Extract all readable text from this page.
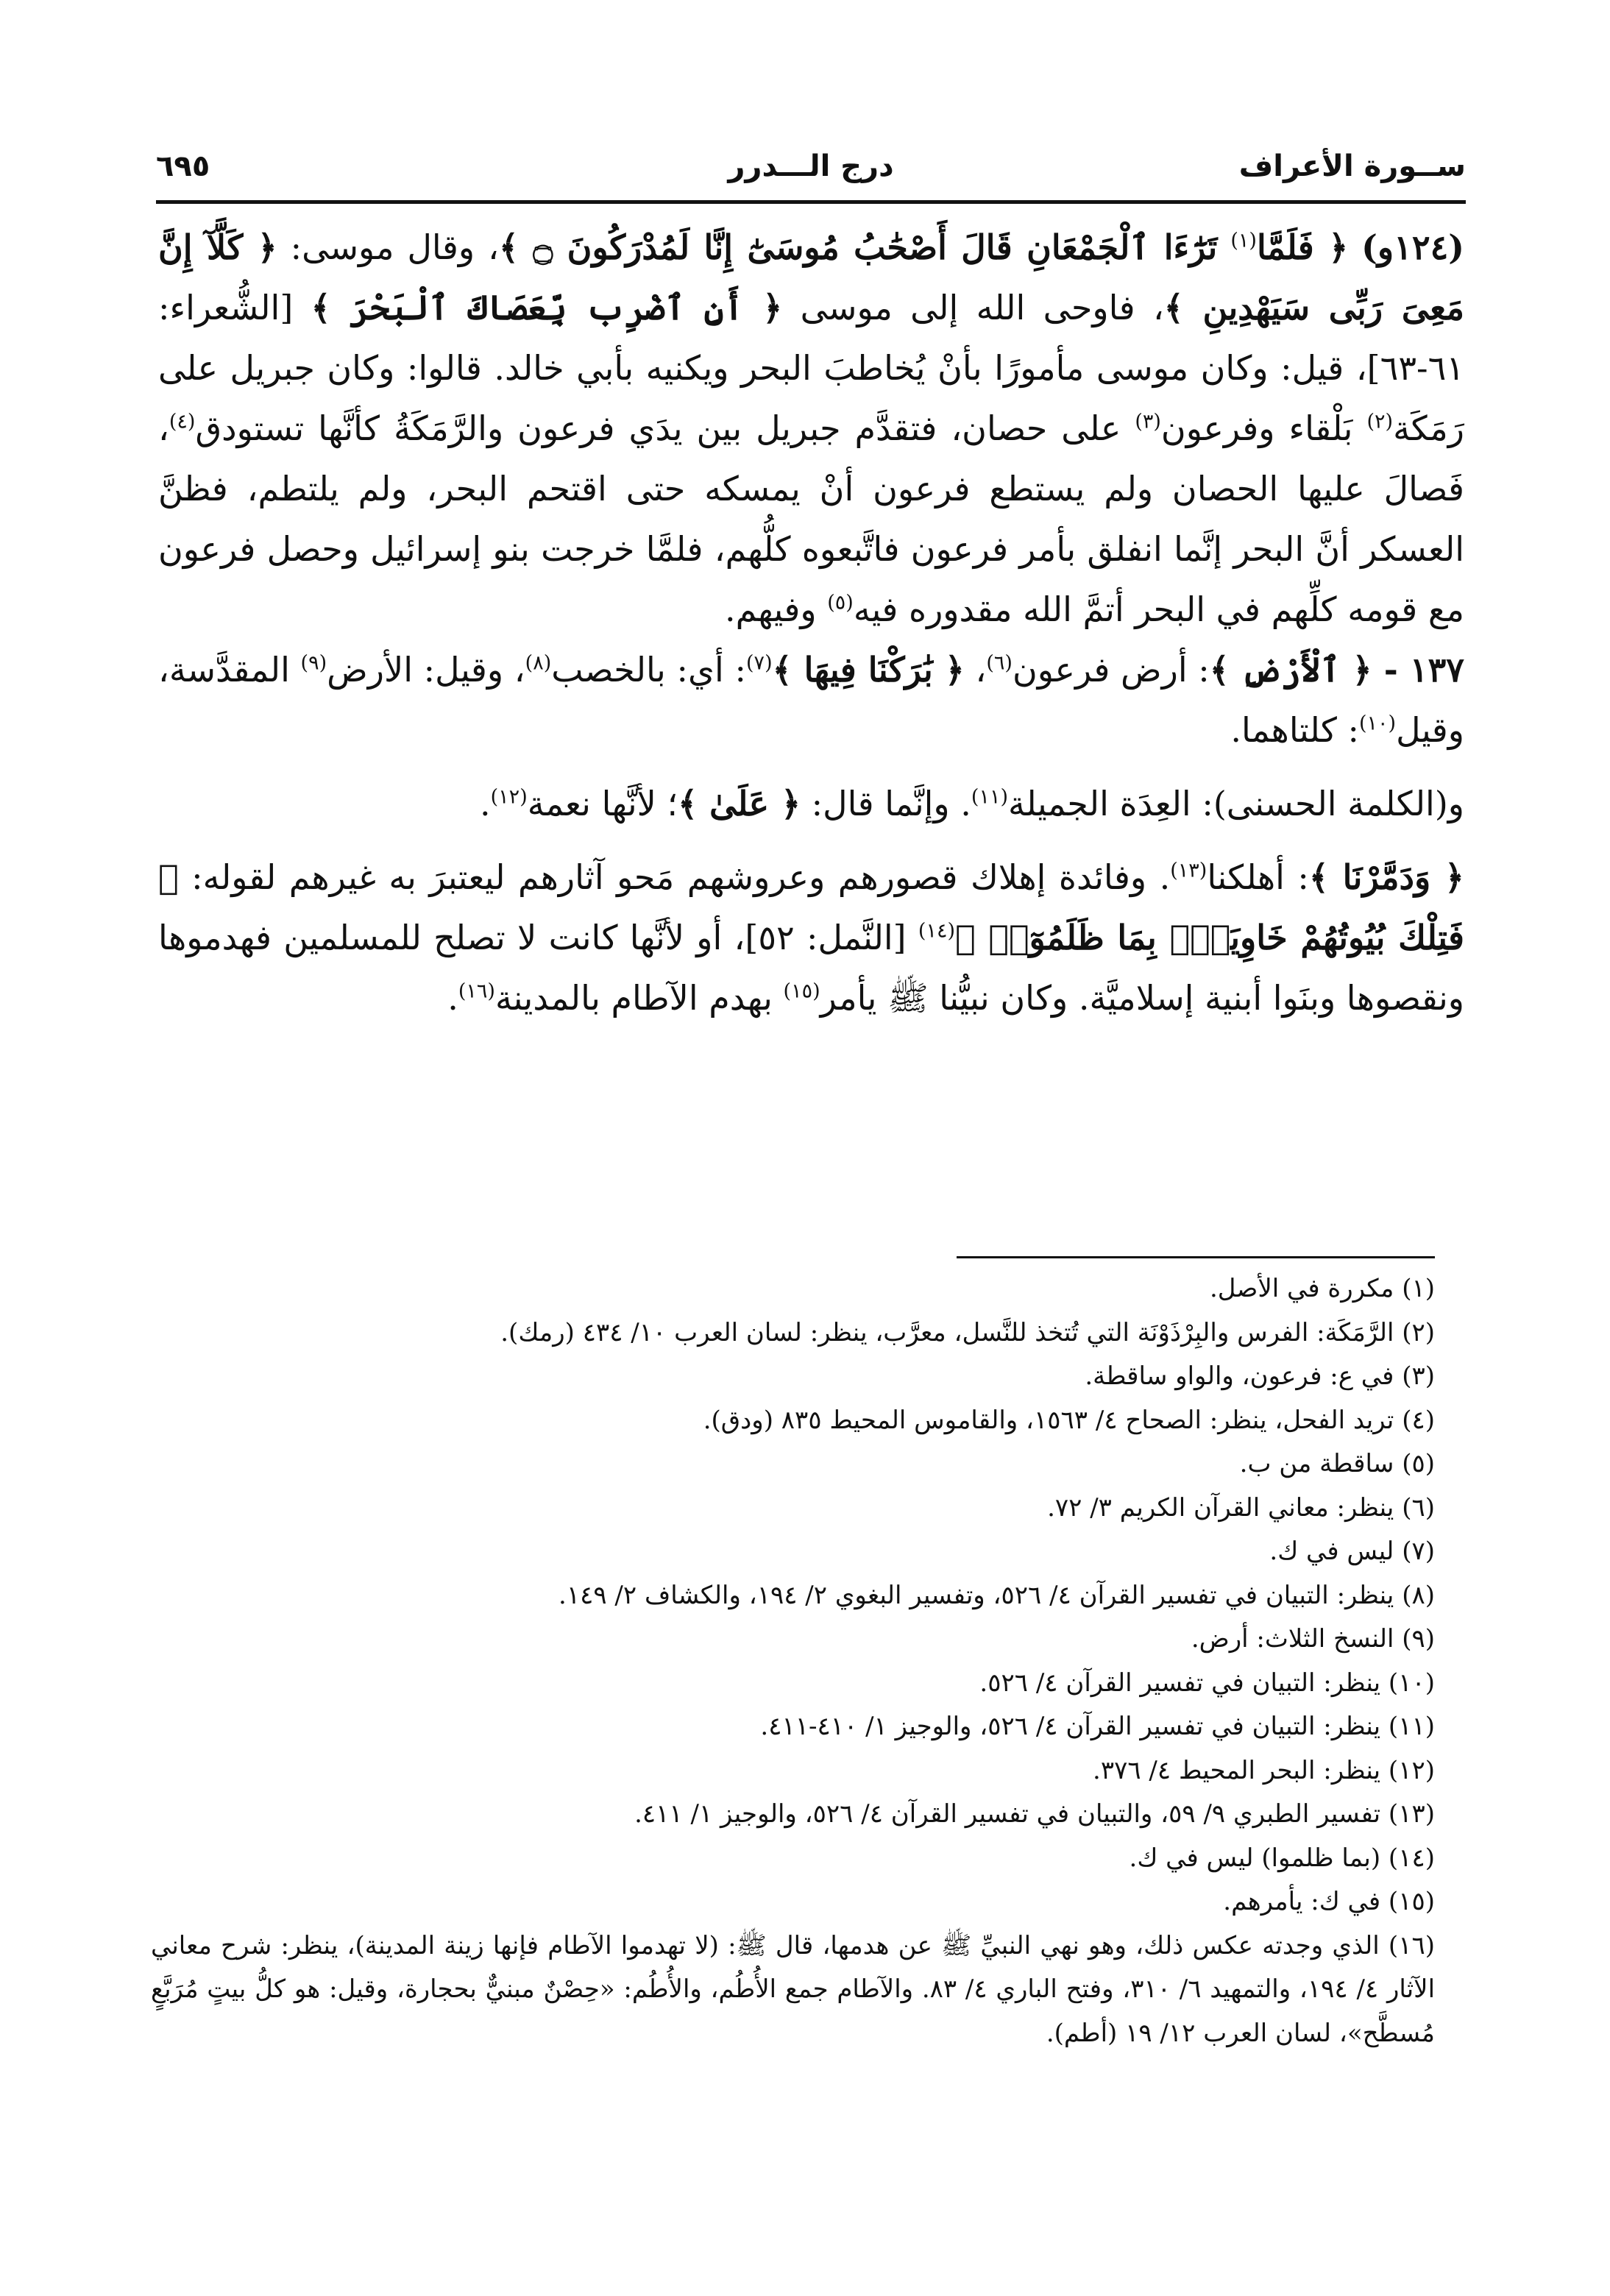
ســورة الأعراف
درج الـــدرر
٦٩٥

(١٢٤و) ﴿ فَلَمَّا$^{(١)}$ تَرَٰٓءَا ٱلْجَمْعَانِ قَالَ أَصْحَٰبُ مُوسَىٰٓ إِنَّا لَمُدْرَكُونَ ۝ ﴾، وقال موسى: ﴿ كَلَّآ إِنَّ مَعِىَ رَبِّى سَيَهْدِينِ ﴾، فاوحى الله إلى موسى ﴿ أَنِ ٱضْرِب بِّعَصَاكَ ٱلْبَحْرَ ﴾ [الشُّعراء: ٦١-٦٣]، قيل: وكان موسى مأمورًا بأنْ يُخاطبَ البحر ويكنيه بأبي خالد. قالوا: وكان جبريل على رَمَكَة$^{(٢)}$ بَلْقاء وفرعون$^{(٣)}$ على حصان، فتقدَّم جبريل بين يدَي فرعون والرَّمَكَةُ كأنَّها تستودق$^{(٤)}$، فَصالَ عليها الحصان ولم يستطع فرعون أنْ يمسكه حتى اقتحم البحر، ولم يلتطم، فظنَّ العسكر أنَّ البحر إنَّما انفلق بأمر فرعون فاتَّبعوه كلُّهم، فلمَّا خرجت بنو إسرائيل وحصل فرعون مع قومه كلِّهم في البحر أتمَّ الله مقدوره فيه$^{(٥)}$ وفيهم.

١٣٧ - ﴿ ٱلْأَرْضِ ﴾: أرض فرعون$^{(٦)}$، ﴿ بَٰرَكْنَا فِيهَا ﴾$^{(٧)}$: أي: بالخصب$^{(٨)}$، وقيل: الأرض$^{(٩)}$ المقدَّسة، وقيل$^{(١٠)}$: كلتاهما.

و(الكلمة الحسنى): العِدَة الجميلة$^{(١١)}$. وإنَّما قال: ﴿ عَلَىٰ ﴾؛ لأنَّها نعمة$^{(١٢)}$.

﴿ وَدَمَّرْنَا ﴾: أهلكنا$^{(١٣)}$. وفائدة إهلاك قصورهم وعروشهم مَحو آثارهم ليعتبرَ به غيرهم لقوله: ﴿ فَتِلْكَ بُيُوتُهُمْ خَاوِيَةًۢ بِمَا ظَلَمُوٓا۟ ﴾$^{(١٤)}$ [النَّمل: ٥٢]، أو لأنَّها كانت لا تصلح للمسلمين فهدموها ونقصوها وبنَوا أبنية إسلاميَّة. وكان نبيُّنا ﷺ يأمر$^{(١٥)}$ بهدم الآطام بالمدينة$^{(١٦)}$.

(١) مكررة في الأصل.
(٢) الرَّمَكَة: الفرس والبِرْذَوْنَة التي تُتخذ للنَّسل، معرَّب، ينظر: لسان العرب ١٠/ ٤٣٤ (رمك).
(٣) في ع: فرعون، والواو ساقطة.
(٤) تريد الفحل، ينظر: الصحاح ٤/ ١٥٦٣، والقاموس المحيط ٨٣٥ (ودق).
(٥) ساقطة من ب.
(٦) ينظر: معاني القرآن الكريم ٣/ ٧٢.
(٧) ليس في ك.
(٨) ينظر: التبيان في تفسير القرآن ٤/ ٥٢٦، وتفسير البغوي ٢/ ١٩٤، والكشاف ٢/ ١٤٩.
(٩) النسخ الثلاث: أرض.
(١٠) ينظر: التبيان في تفسير القرآن ٤/ ٥٢٦.
(١١) ينظر: التبيان في تفسير القرآن ٤/ ٥٢٦، والوجيز ١/ ٤١٠-٤١١.
(١٢) ينظر: البحر المحيط ٤/ ٣٧٦.
(١٣) تفسير الطبري ٩/ ٥٩، والتبيان في تفسير القرآن ٤/ ٥٢٦، والوجيز ١/ ٤١١.
(١٤) (بما ظلموا) ليس في ك.
(١٥) في ك: يأمرهم.
(١٦) الذي وجدته عكس ذلك، وهو نهي النبيِّ ﷺ عن هدمها، قال ﷺ: (لا تهدموا الآطام فإنها زينة المدينة)، ينظر: شرح معاني الآثار ٤/ ١٩٤، والتمهيد ٦/ ٣١٠، وفتح الباري ٤/ ٨٣. والآطام جمع الأُطُم، والأُطُم: «حِصْنٌ مبنيٌّ بحجارة، وقيل: هو كلُّ بيتٍ مُرَبَّعٍ مُسطَّح»، لسان العرب ١٢/ ١٩ (أطم).
